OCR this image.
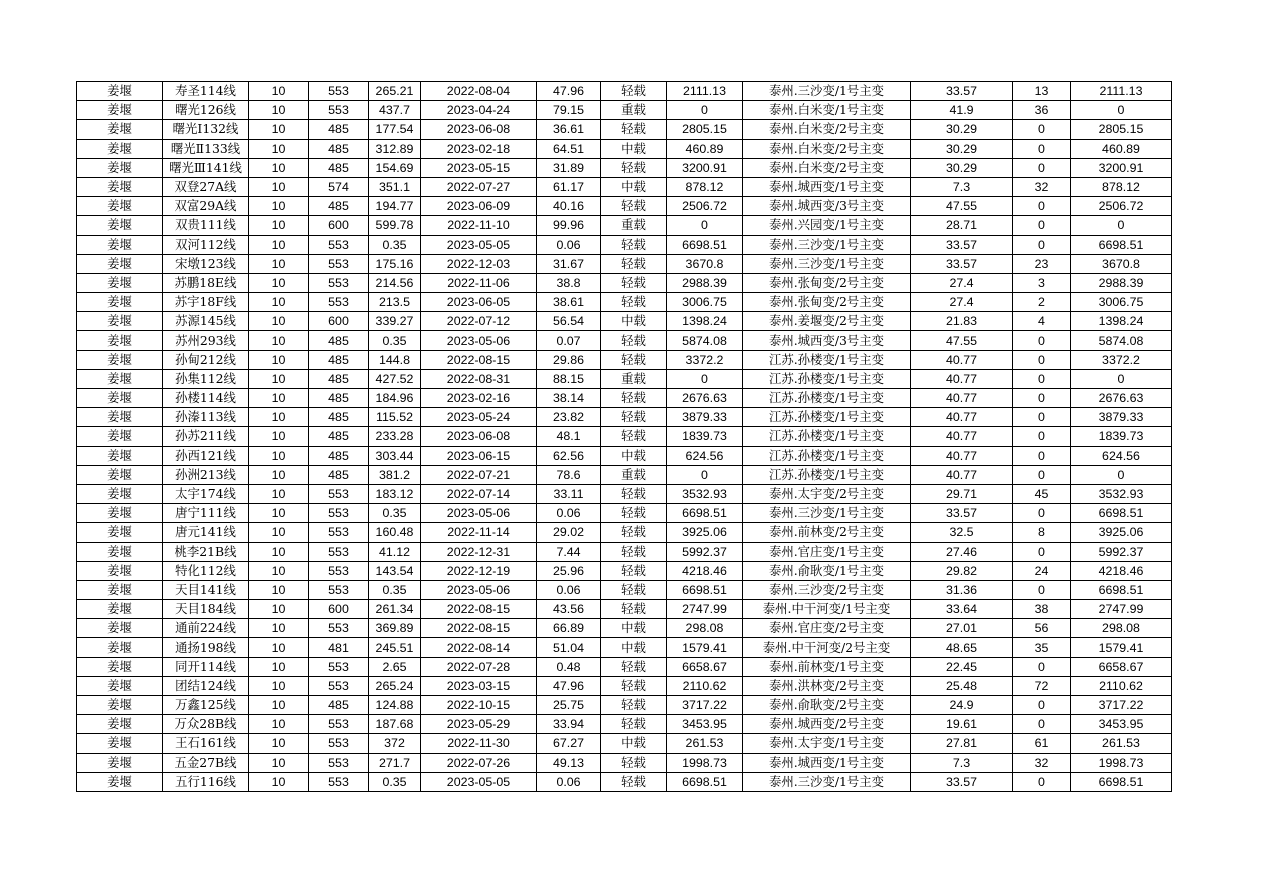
姜堰	寿圣114线	10	553	265.21	2022-08-04	47.96	轻载	2111.13	泰州.三沙变/1号主变	33.57	13	2111.13
姜堰	曙光126线	10	553	437.7	2023-04-24	79.15	重载	0	泰州.白米变/1号主变	41.9	36	0
姜堰	曙光Ⅰ132线	10	485	177.54	2023-06-08	36.61	轻载	2805.15	泰州.白米变/2号主变	30.29	0	2805.15
姜堰	曙光Ⅱ133线	10	485	312.89	2023-02-18	64.51	中载	460.89	泰州.白米变/2号主变	30.29	0	460.89
姜堰	曙光Ⅲ141线	10	485	154.69	2023-05-15	31.89	轻载	3200.91	泰州.白米变/2号主变	30.29	0	3200.91
姜堰	双登27A线	10	574	351.1	2022-07-27	61.17	中载	878.12	泰州.城西变/1号主变	7.3	32	878.12
姜堰	双富29A线	10	485	194.77	2023-06-09	40.16	轻载	2506.72	泰州.城西变/3号主变	47.55	0	2506.72
姜堰	双贵111线	10	600	599.78	2022-11-10	99.96	重载	0	泰州.兴园变/1号主变	28.71	0	0
姜堰	双河112线	10	553	0.35	2023-05-05	0.06	轻载	6698.51	泰州.三沙变/1号主变	33.57	0	6698.51
姜堰	宋墩123线	10	553	175.16	2022-12-03	31.67	轻载	3670.8	泰州.三沙变/1号主变	33.57	23	3670.8
姜堰	苏鹏18E线	10	553	214.56	2022-11-06	38.8	轻载	2988.39	泰州.张甸变/2号主变	27.4	3	2988.39
姜堰	苏宇18F线	10	553	213.5	2023-06-05	38.61	轻载	3006.75	泰州.张甸变/2号主变	27.4	2	3006.75
姜堰	苏源145线	10	600	339.27	2022-07-12	56.54	中载	1398.24	泰州.姜堰变/2号主变	21.83	4	1398.24
姜堰	苏州293线	10	485	0.35	2023-05-06	0.07	轻载	5874.08	泰州.城西变/3号主变	47.55	0	5874.08
姜堰	孙甸212线	10	485	144.8	2022-08-15	29.86	轻载	3372.2	江苏.孙楼变/1号主变	40.77	0	3372.2
姜堰	孙集112线	10	485	427.52	2022-08-31	88.15	重载	0	江苏.孙楼变/1号主变	40.77	0	0
姜堰	孙楼114线	10	485	184.96	2023-02-16	38.14	轻载	2676.63	江苏.孙楼变/1号主变	40.77	0	2676.63
姜堰	孙溱113线	10	485	115.52	2023-05-24	23.82	轻载	3879.33	江苏.孙楼变/1号主变	40.77	0	3879.33
姜堰	孙苏211线	10	485	233.28	2023-06-08	48.1	轻载	1839.73	江苏.孙楼变/1号主变	40.77	0	1839.73
姜堰	孙西121线	10	485	303.44	2023-06-15	62.56	中载	624.56	江苏.孙楼变/1号主变	40.77	0	624.56
姜堰	孙洲213线	10	485	381.2	2022-07-21	78.6	重载	0	江苏.孙楼变/1号主变	40.77	0	0
姜堰	太宇174线	10	553	183.12	2022-07-14	33.11	轻载	3532.93	泰州.太宇变/2号主变	29.71	45	3532.93
姜堰	唐宁111线	10	553	0.35	2023-05-06	0.06	轻载	6698.51	泰州.三沙变/1号主变	33.57	0	6698.51
姜堰	唐元141线	10	553	160.48	2022-11-14	29.02	轻载	3925.06	泰州.前林变/2号主变	32.5	8	3925.06
姜堰	桃李21B线	10	553	41.12	2022-12-31	7.44	轻载	5992.37	泰州.官庄变/1号主变	27.46	0	5992.37
姜堰	特化112线	10	553	143.54	2022-12-19	25.96	轻载	4218.46	泰州.俞耿变/1号主变	29.82	24	4218.46
姜堰	天目141线	10	553	0.35	2023-05-06	0.06	轻载	6698.51	泰州.三沙变/2号主变	31.36	0	6698.51
姜堰	天目184线	10	600	261.34	2022-08-15	43.56	轻载	2747.99	泰州.中干河变/1号主变	33.64	38	2747.99
姜堰	通前224线	10	553	369.89	2022-08-15	66.89	中载	298.08	泰州.官庄变/2号主变	27.01	56	298.08
姜堰	通扬198线	10	481	245.51	2022-08-14	51.04	中载	1579.41	泰州.中干河变/2号主变	48.65	35	1579.41
姜堰	同开114线	10	553	2.65	2022-07-28	0.48	轻载	6658.67	泰州.前林变/1号主变	22.45	0	6658.67
姜堰	团结124线	10	553	265.24	2023-03-15	47.96	轻载	2110.62	泰州.洪林变/2号主变	25.48	72	2110.62
姜堰	万鑫125线	10	485	124.88	2022-10-15	25.75	轻载	3717.22	泰州.俞耿变/2号主变	24.9	0	3717.22
姜堰	万众28B线	10	553	187.68	2023-05-29	33.94	轻载	3453.95	泰州.城西变/2号主变	19.61	0	3453.95
姜堰	王石161线	10	553	372	2022-11-30	67.27	中载	261.53	泰州.太宇变/1号主变	27.81	61	261.53
姜堰	五金27B线	10	553	271.7	2022-07-26	49.13	轻载	1998.73	泰州.城西变/1号主变	7.3	32	1998.73
姜堰	五行116线	10	553	0.35	2023-05-05	0.06	轻载	6698.51	泰州.三沙变/1号主变	33.57	0	6698.51
